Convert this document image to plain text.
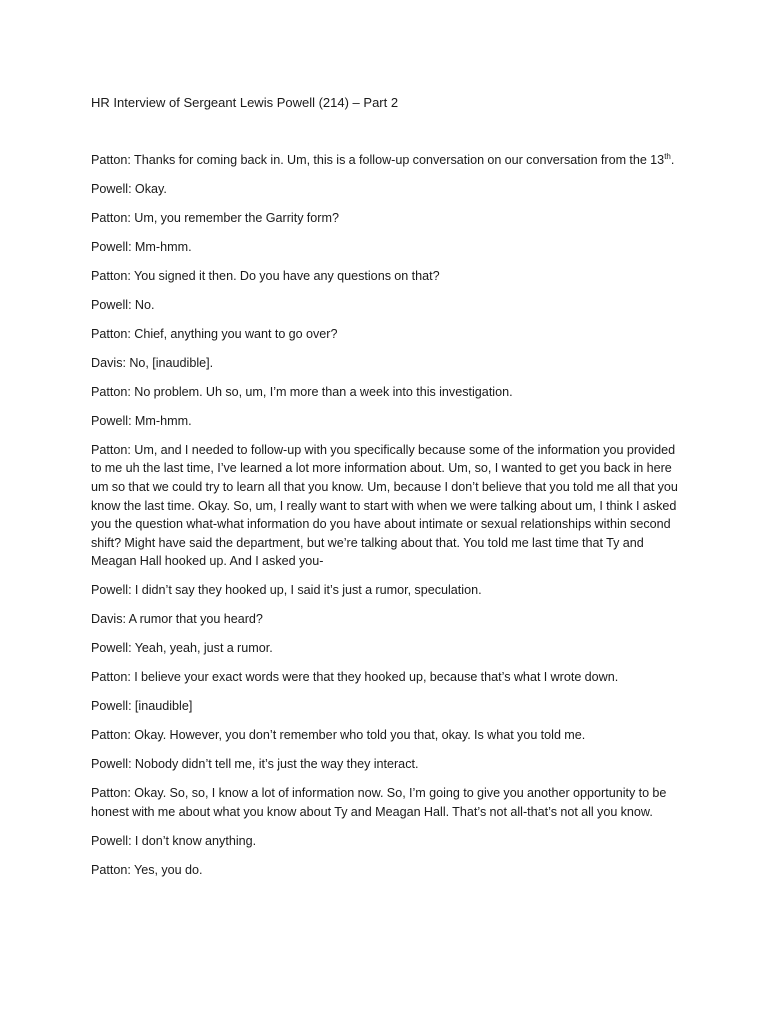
HR Interview of Sergeant Lewis Powell (214) – Part 2

Patton: Thanks for coming back in. Um, this is a follow-up conversation on our conversation from the 13th.

Powell: Okay.

Patton: Um, you remember the Garrity form?

Powell: Mm-hmm.

Patton: You signed it then. Do you have any questions on that?

Powell: No.

Patton: Chief, anything you want to go over?

Davis: No, [inaudible].

Patton: No problem. Uh so, um, I’m more than a week into this investigation.

Powell: Mm-hmm.

Patton: Um, and I needed to follow-up with you specifically because some of the information you provided to me uh the last time, I’ve learned a lot more information about. Um, so, I wanted to get you back in here um so that we could try to learn all that you know. Um, because I don’t believe that you told me all that you know the last time. Okay. So, um, I really want to start with when we were talking about um, I think I asked you the question what-what information do you have about intimate or sexual relationships within second shift? Might have said the department, but we’re talking about that. You told me last time that Ty and Meagan Hall hooked up. And I asked you-

Powell: I didn’t say they hooked up, I said it’s just a rumor, speculation.

Davis: A rumor that you heard?

Powell: Yeah, yeah, just a rumor.

Patton: I believe your exact words were that they hooked up, because that’s what I wrote down.

Powell: [inaudible]

Patton: Okay. However, you don’t remember who told you that, okay. Is what you told me.

Powell: Nobody didn’t tell me, it’s just the way they interact.

Patton: Okay. So, so, I know a lot of information now. So, I’m going to give you another opportunity to be honest with me about what you know about Ty and Meagan Hall. That’s not all-that’s not all you know.

Powell: I don’t know anything.

Patton: Yes, you do.
